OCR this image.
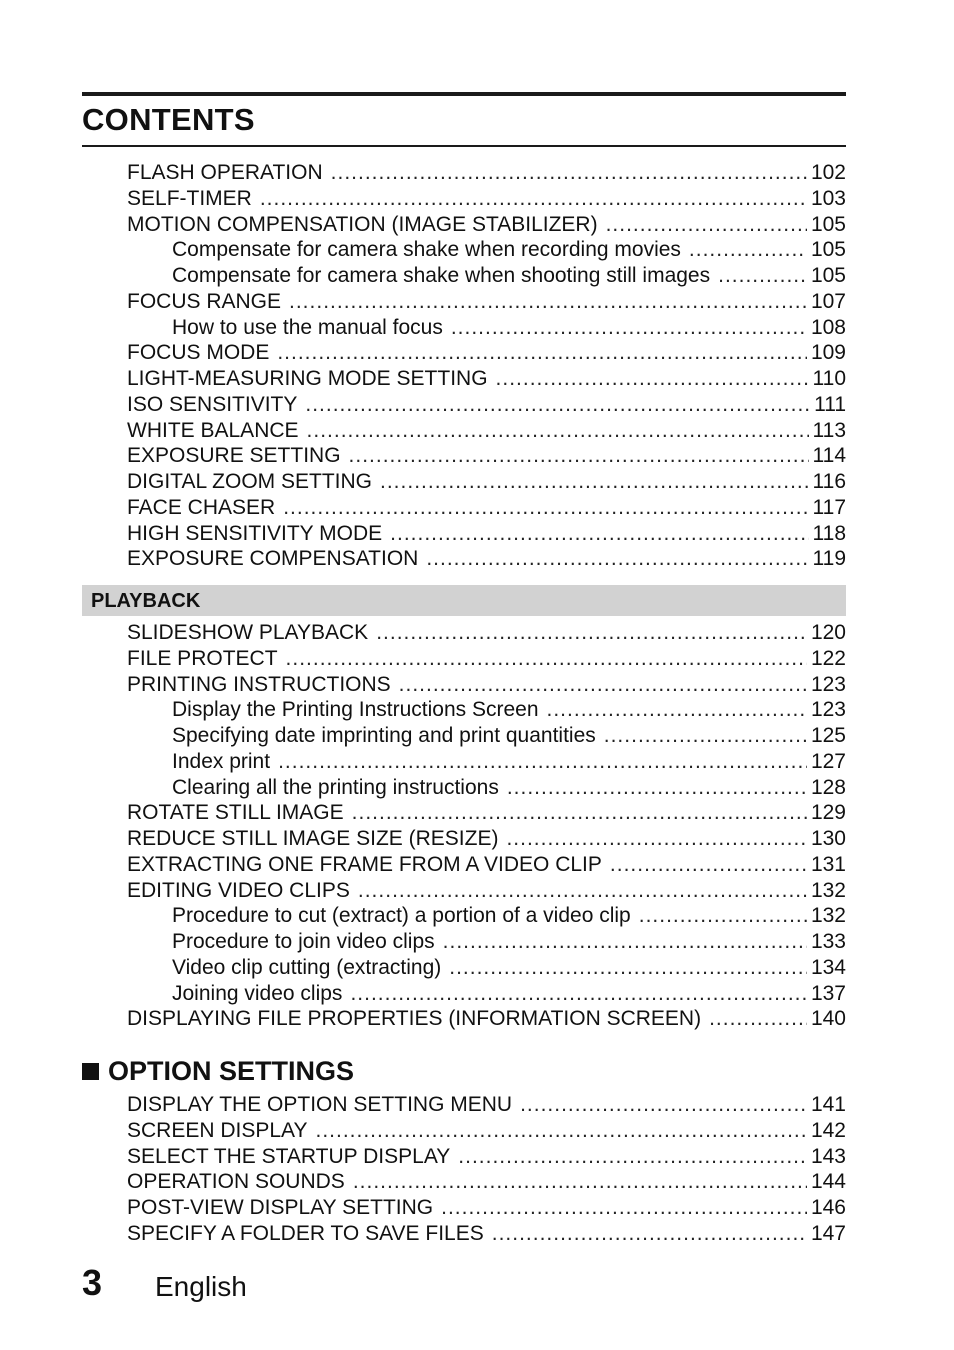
CONTENTS
FLASH OPERATION .....	102
SELF-TIMER .....	103
MOTION COMPENSATION (IMAGE STABILIZER) .....	105
Compensate for camera shake when recording movies .....	105
Compensate for camera shake when shooting still images .....	105
FOCUS RANGE .....	107
How to use the manual focus .....	108
FOCUS MODE .....	109
LIGHT-MEASURING MODE SETTING .....	110
ISO SENSITIVITY .....	111
WHITE BALANCE .....	113
EXPOSURE SETTING .....	114
DIGITAL ZOOM SETTING .....	116
FACE CHASER .....	117
HIGH SENSITIVITY MODE .....	118
EXPOSURE COMPENSATION .....	119
PLAYBACK
SLIDESHOW PLAYBACK .....	120
FILE PROTECT .....	122
PRINTING INSTRUCTIONS .....	123
Display the Printing Instructions Screen .....	123
Specifying date imprinting and print quantities .....	125
Index print .....	127
Clearing all the printing instructions .....	128
ROTATE STILL IMAGE .....	129
REDUCE STILL IMAGE SIZE (RESIZE) .....	130
EXTRACTING ONE FRAME FROM A VIDEO CLIP .....	131
EDITING VIDEO CLIPS .....	132
Procedure to cut (extract) a portion of a video clip .....	132
Procedure to join video clips .....	133
Video clip cutting (extracting) .....	134
Joining video clips .....	137
DISPLAYING FILE PROPERTIES (INFORMATION SCREEN) .....	140
OPTION SETTINGS
DISPLAY THE OPTION SETTING MENU .....	141
SCREEN DISPLAY .....	142
SELECT THE STARTUP DISPLAY .....	143
OPERATION SOUNDS .....	144
POST-VIEW DISPLAY SETTING .....	146
SPECIFY A FOLDER TO SAVE FILES .....	147
3 English
